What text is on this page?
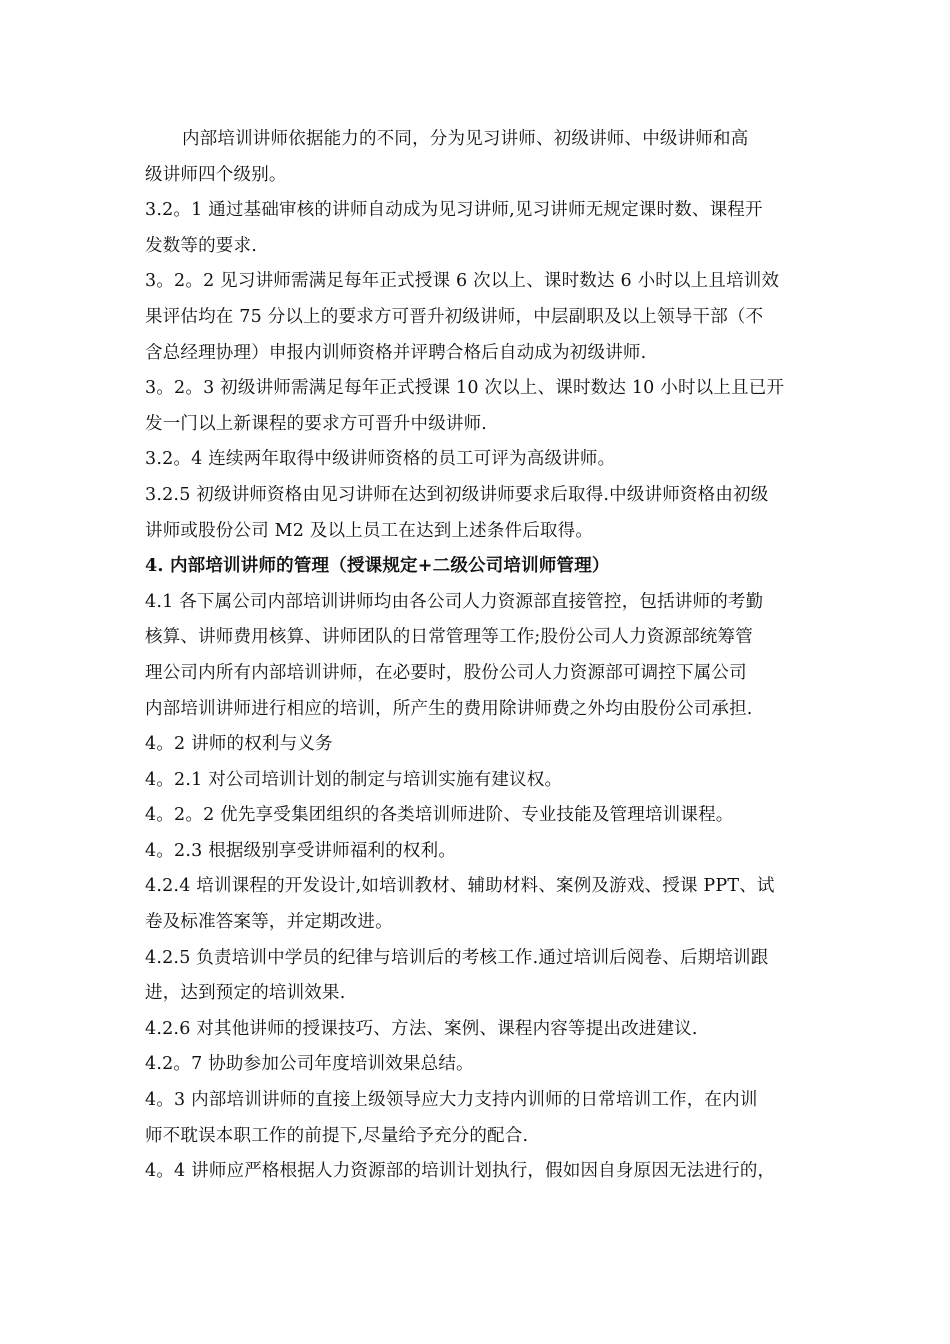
内部培训讲师依据能力的不同，分为见习讲师、初级讲师、中级讲师和高
级讲师四个级别。
3.2。1 通过基础审核的讲师自动成为见习讲师,见习讲师无规定课时数、课程开
发数等的要求.
3。2。2 见习讲师需满足每年正式授课 6 次以上、课时数达 6 小时以上且培训效
果评估均在 75 分以上的要求方可晋升初级讲师，中层副职及以上领导干部（不
含总经理协理）申报内训师资格并评聘合格后自动成为初级讲师.
3。2。3 初级讲师需满足每年正式授课 10 次以上、课时数达 10 小时以上且已开
发一门以上新课程的要求方可晋升中级讲师.
3.2。4 连续两年取得中级讲师资格的员工可评为高级讲师。
3.2.5 初级讲师资格由见习讲师在达到初级讲师要求后取得.中级讲师资格由初级
讲师或股份公司 M2 及以上员工在达到上述条件后取得。
4. 内部培训讲师的管理（授课规定+二级公司培训师管理）
4.1 各下属公司内部培训讲师均由各公司人力资源部直接管控，包括讲师的考勤
核算、讲师费用核算、讲师团队的日常管理等工作;股份公司人力资源部统筹管
理公司内所有内部培训讲师，在必要时，股份公司人力资源部可调控下属公司
内部培训讲师进行相应的培训，所产生的费用除讲师费之外均由股份公司承担.
4。2 讲师的权利与义务
4。2.1 对公司培训计划的制定与培训实施有建议权。
4。2。2 优先享受集团组织的各类培训师进阶、专业技能及管理培训课程。
4。2.3 根据级别享受讲师福利的权利。
4.2.4 培训课程的开发设计,如培训教材、辅助材料、案例及游戏、授课 PPT、试
卷及标准答案等，并定期改进。
4.2.5 负责培训中学员的纪律与培训后的考核工作.通过培训后阅卷、后期培训跟
进，达到预定的培训效果.
4.2.6 对其他讲师的授课技巧、方法、案例、课程内容等提出改进建议.
4.2。7 协助参加公司年度培训效果总结。
4。3 内部培训讲师的直接上级领导应大力支持内训师的日常培训工作，在内训
师不耽误本职工作的前提下,尽量给予充分的配合.
4。4 讲师应严格根据人力资源部的培训计划执行，假如因自身原因无法进行的，
